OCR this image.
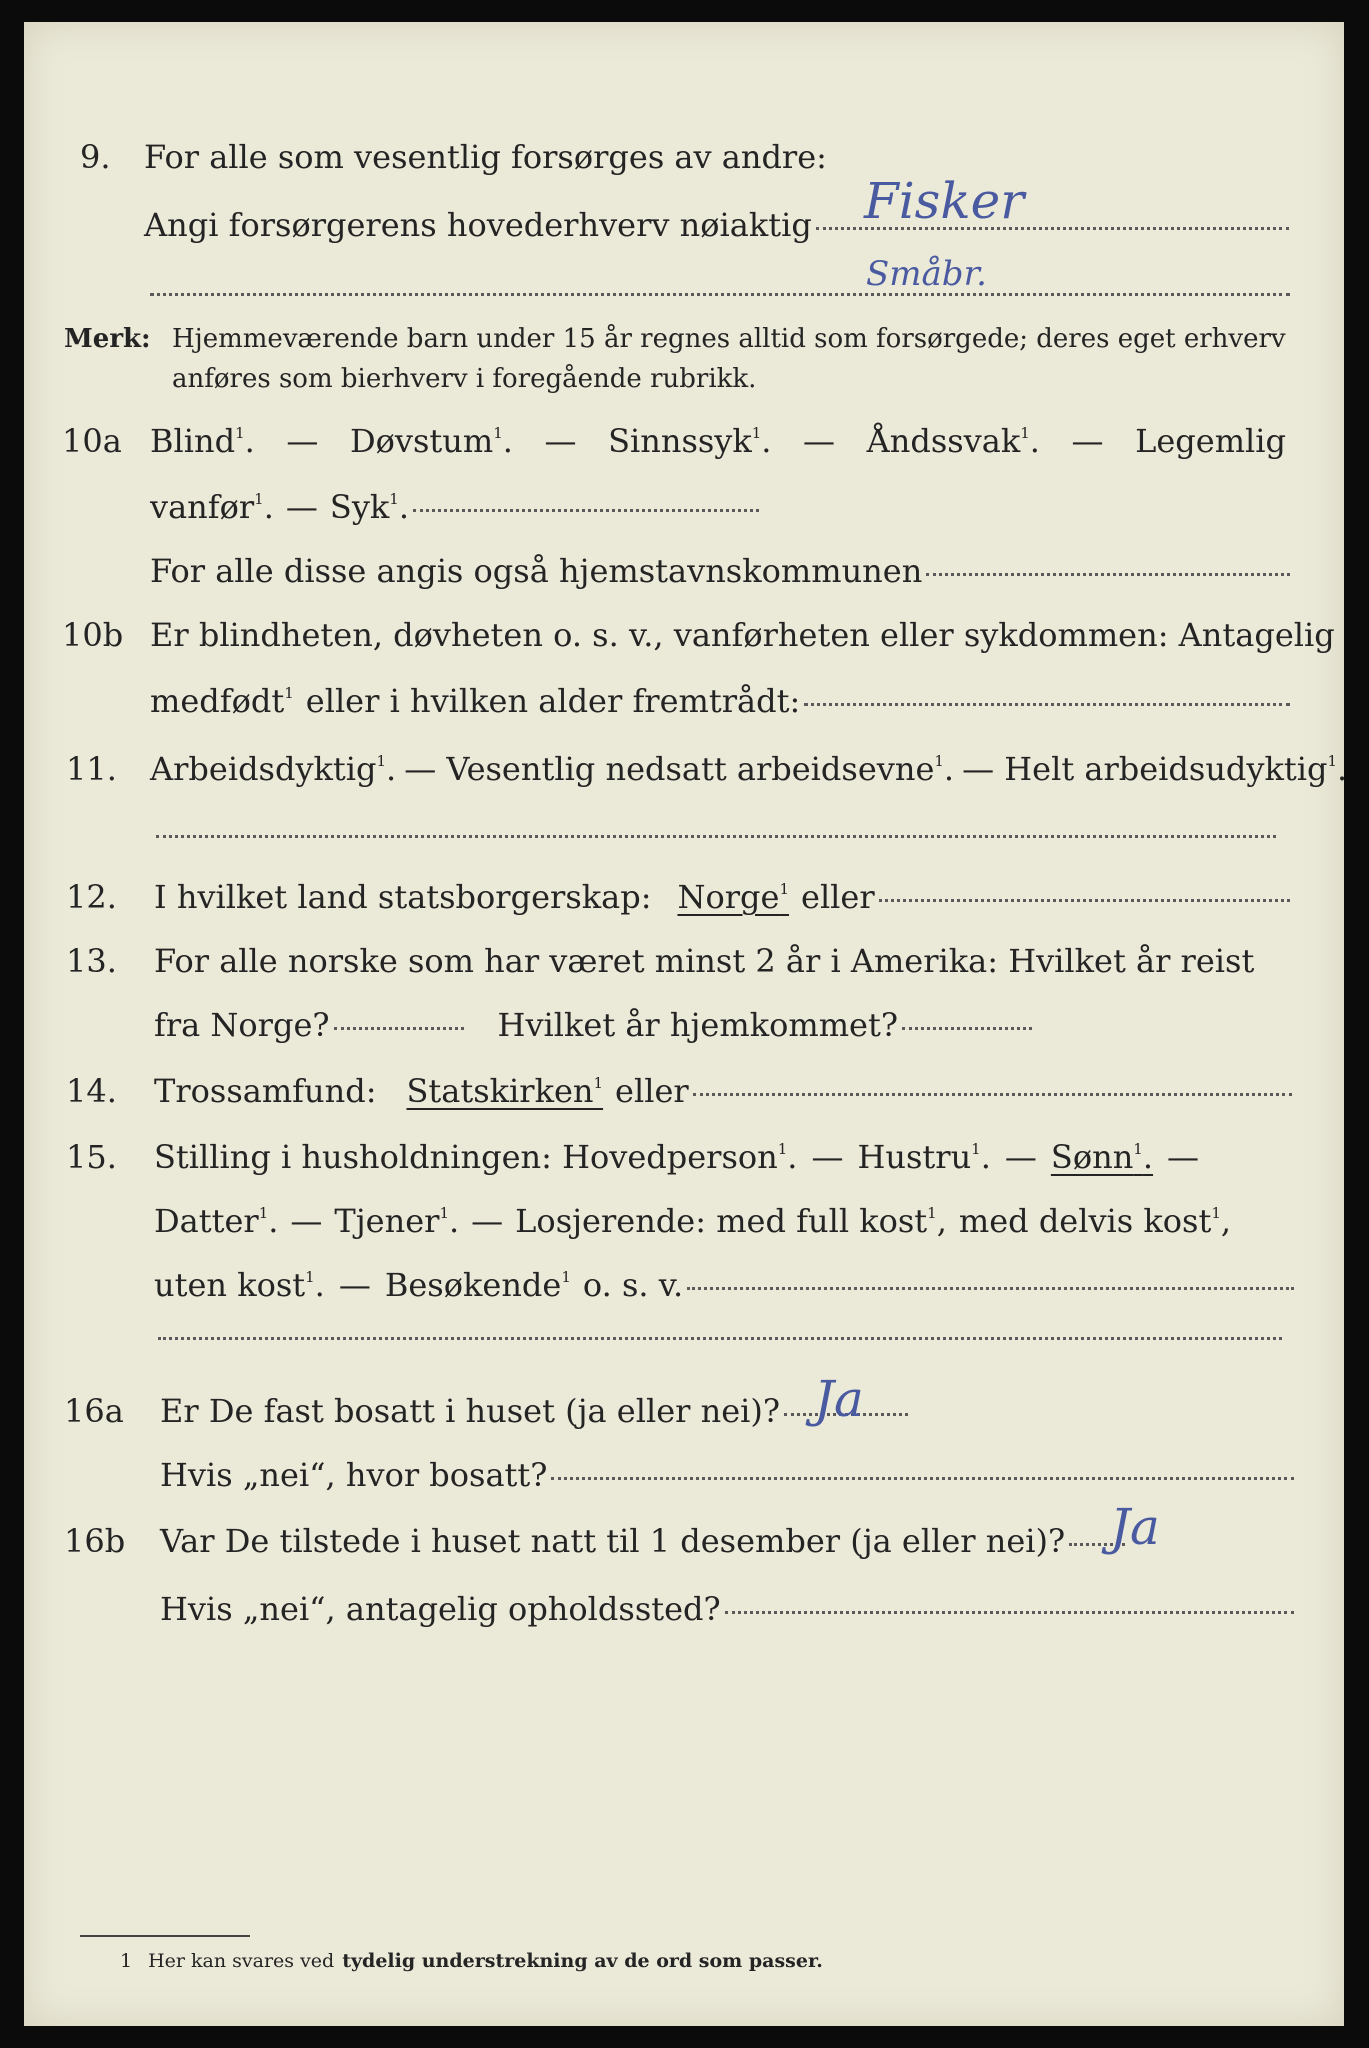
9. For alle som vesentlig forsørges av andre:
Angi forsørgerens hovederhverv nøiaktig Fisker
Småbr.
Merk: Hjemmeværende barn under 15 år regnes alltid som forsørgede; deres eget erhverv
anføres som bierhverv i foregående rubrikk.
10a Blind$^1$. — Døvstum$^1$. — Sinnssyk$^1$. — Åndssvak$^1$. — Legemlig
vanfør$^1$. — Syk$^1$.
For alle disse angis også hjemstavnskommunen
10b Er blindheten, døvheten o. s. v., vanførheten eller sykdommen: Antagelig
medfødt$^1$ eller i hvilken alder fremtrådt:
11. Arbeidsdyktig$^1$. — Vesentlig nedsatt arbeidsevne$^1$. — Helt arbeidsudyktig$^1$.
12. I hvilket land statsborgerskap: Norge$^1$ eller
13. For alle norske som har været minst 2 år i Amerika: Hvilket år reist
fra Norge?	Hvilket år hjemkommet?
14. Trossamfund: Statskirken$^1$ eller
15. Stilling i husholdningen: Hovedperson$^1$. — Hustru$^1$. — Sønn$^1$. —
Datter$^1$. — Tjener$^1$. — Losjerende: med full kost$^1$, med delvis kost$^1$,
uten kost$^1$. — Besøkende$^1$ o. s. v.
16a Er De fast bosatt i huset (ja eller nei)? Ja
Hvis „nei“, hvor bosatt?
16b Var De tilstede i huset natt til 1 desember (ja eller nei)? Ja
Hvis „nei“, antagelig opholdssted?
1 Her kan svares ved tydelig understrekning av de ord som passer.
